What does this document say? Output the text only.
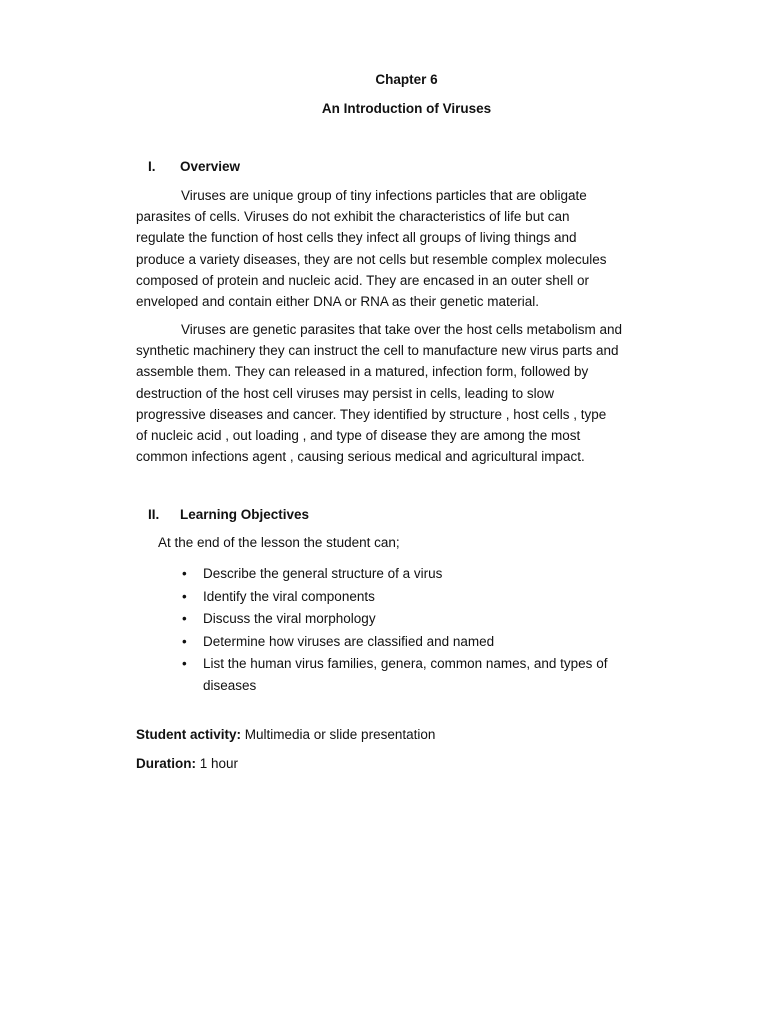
Chapter 6
An Introduction of Viruses
I. Overview

Viruses are unique group of tiny infections particles that are obligate
parasites of cells. Viruses do not exhibit the characteristics of life but can
regulate the function of host cells they infect all groups of living things and
produce a variety diseases, they are not cells but resemble complex molecules
composed of protein and nucleic acid. They are encased in an outer shell or
enveloped and contain either DNA or RNA as their genetic material.

Viruses are genetic parasites that take over the host cells metabolism and
synthetic machinery they can instruct the cell to manufacture new virus parts and
assemble them. They can released in a matured, infection form, followed by
destruction of the host cell viruses may persist in cells, leading to slow
progressive diseases and cancer. They identified by structure , host cells , type
of nucleic acid , out loading , and type of disease they are among the most
common infections agent , causing serious medical and agricultural impact.

II. Learning Objectives
At the end of the lesson the student can;
• Describe the general structure of a virus
• Identify the viral components
• Discuss the viral morphology
• Determine how viruses are classified and named
• List the human virus families, genera, common names, and types of
diseases
Student activity: Multimedia or slide presentation
Duration: 1 hour
